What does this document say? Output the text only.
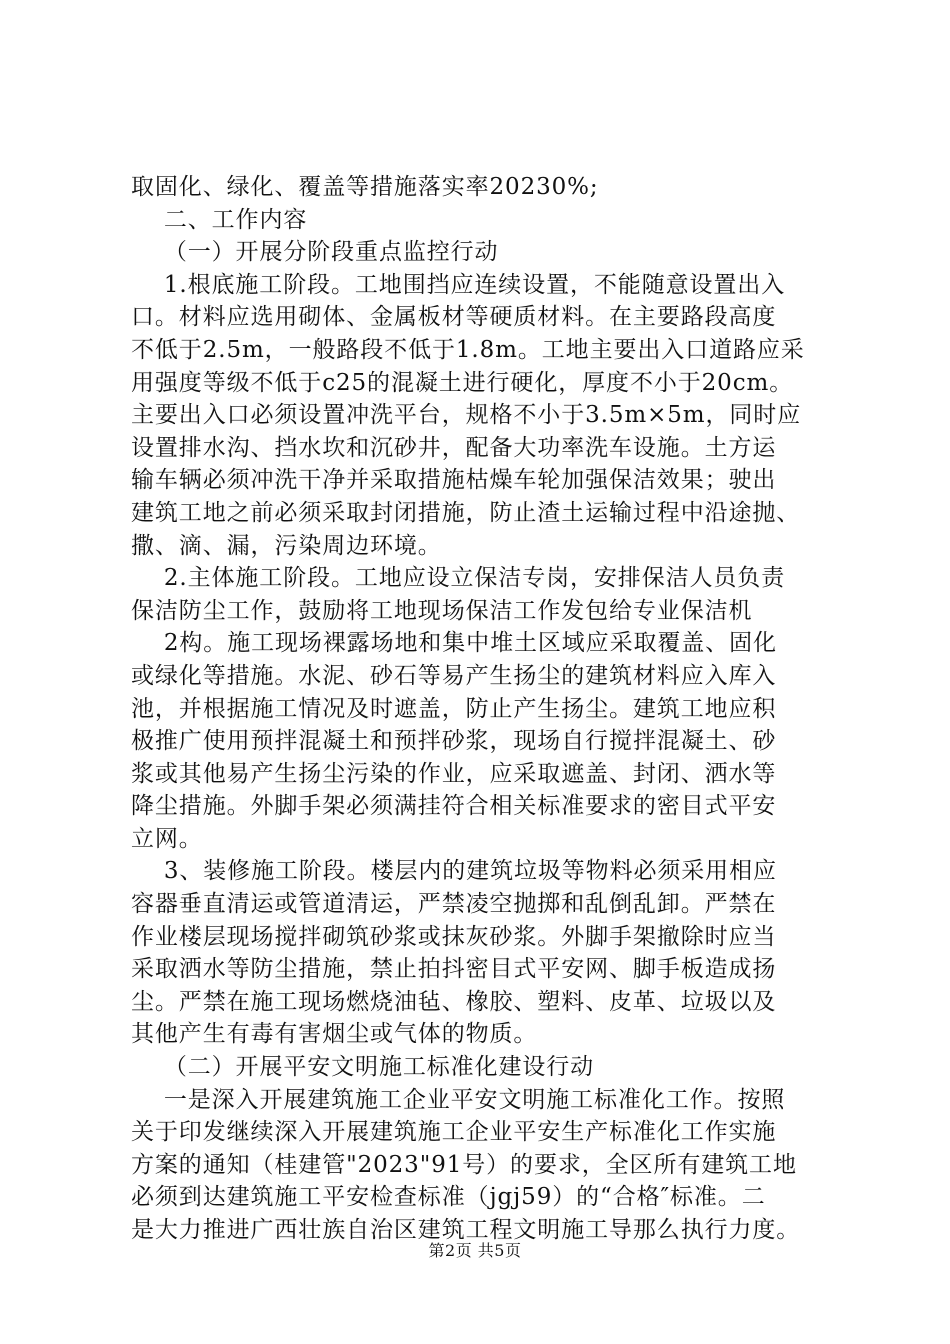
取固化、绿化、覆盖等措施落实率20230%;
二、工作内容
（一）开展分阶段重点监控行动
1.根底施工阶段。工地围挡应连续设置，不能随意设置出入
口。材料应选用砌体、金属板材等硬质材料。在主要路段高度
不低于2.5m，一般路段不低于1.8m。工地主要出入口道路应采
用强度等级不低于c25的混凝土进行硬化，厚度不小于20cm。
主要出入口必须设置冲洗平台，规格不小于3.5m×5m，同时应
设置排水沟、挡水坎和沉砂井，配备大功率洗车设施。土方运
输车辆必须冲洗干净并采取措施枯燥车轮加强保洁效果；驶出
建筑工地之前必须采取封闭措施，防止渣土运输过程中沿途抛、
撒、滴、漏，污染周边环境。
2.主体施工阶段。工地应设立保洁专岗，安排保洁人员负责
保洁防尘工作，鼓励将工地现场保洁工作发包给专业保洁机
2构。施工现场裸露场地和集中堆土区域应采取覆盖、固化
或绿化等措施。水泥、砂石等易产生扬尘的建筑材料应入库入
池，并根据施工情况及时遮盖，防止产生扬尘。建筑工地应积
极推广使用预拌混凝土和预拌砂浆，现场自行搅拌混凝土、砂
浆或其他易产生扬尘污染的作业，应采取遮盖、封闭、洒水等
降尘措施。外脚手架必须满挂符合相关标准要求的密目式平安
立网。
3、装修施工阶段。楼层内的建筑垃圾等物料必须采用相应
容器垂直清运或管道清运，严禁凌空抛掷和乱倒乱卸。严禁在
作业楼层现场搅拌砌筑砂浆或抹灰砂浆。外脚手架撤除时应当
采取洒水等防尘措施，禁止拍抖密目式平安网、脚手板造成扬
尘。严禁在施工现场燃烧油毡、橡胶、塑料、皮革、垃圾以及
其他产生有毒有害烟尘或气体的物质。
（二）开展平安文明施工标准化建设行动
一是深入开展建筑施工企业平安文明施工标准化工作。按照
关于印发继续深入开展建筑施工企业平安生产标准化工作实施
方案的通知（桂建管"2023"91号）的要求，全区所有建筑工地
必须到达建筑施工平安检查标准（jgj59）的“合格″标准。二
是大力推进广西壮族自治区建筑工程文明施工导那么执行力度。
第2页 共5页
